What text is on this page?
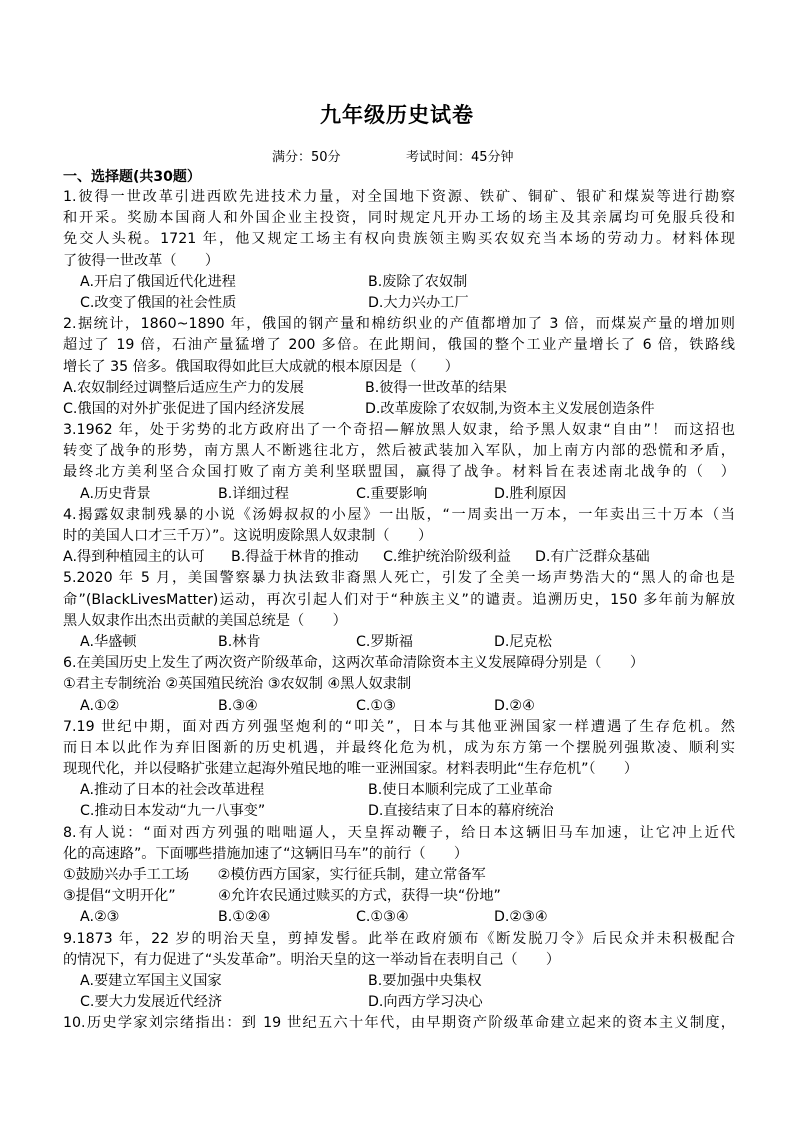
九年级历史试卷
满分：50分	考试时间：45分钟
一、选择题(共30题）
1.彼得一世改革引进西欧先进技术力量，对全国地下资源、铁矿、铜矿、银矿和煤炭等进行勘察
和开采。奖励本国商人和外国企业主投资，同时规定凡开办工场的场主及其亲属均可免服兵役和
免交人头税。1721 年，他又规定工场主有权向贵族领主购买农奴充当本场的劳动力。材料体现
了彼得一世改革（　　）
A.开启了俄国近代化进程	B.废除了农奴制
C.改变了俄国的社会性质	D.大力兴办工厂
2.据统计，1860~1890 年，俄国的钢产量和棉纺织业的产值都增加了 3 倍，而煤炭产量的增加则
超过了 19 倍，石油产量猛增了 200 多倍。在此期间，俄国的整个工业产量增长了 6 倍，铁路线
增长了 35 倍多。俄国取得如此巨大成就的根本原因是（　　）
A.农奴制经过调整后适应生产力的发展	B.彼得一世改革的结果
C.俄国的对外扩张促进了国内经济发展	D.改革废除了农奴制,为资本主义发展创造条件
3.1962 年，处于劣势的北方政府出了一个奇招—解放黑人奴隶，给予黑人奴隶“自由”！ 而这招也
转变了战争的形势，南方黑人不断逃往北方，然后被武装加入军队，加上南方内部的恐慌和矛盾，
最终北方美利坚合众国打败了南方美利坚联盟国，赢得了战争。材料旨在表述南北战争的（　）
A.历史背景	B.详细过程	C.重要影响	D.胜利原因
4.揭露奴隶制残暴的小说《汤姆叔叔的小屋》一出版，“一周卖出一万本，一年卖出三十万本（当
时的美国人口才三千万）”。这说明废除黑人奴隶制（　　）
A.得到种植园主的认可 B.得益于林肯的推动 C.维护统治阶级利益 D.有广泛群众基础
5.2020 年 5 月，美国警察暴力执法致非裔黑人死亡，引发了全美一场声势浩大的“黑人的命也是
命”(BlackLivesMatter)运动，再次引起人们对于“种族主义”的谴责。追溯历史，150 多年前为解放
黑人奴隶作出杰出贡献的美国总统是（　　）
A.华盛顿	B.林肯	C.罗斯福	D.尼克松
6.在美国历史上发生了两次资产阶级革命，这两次革命清除资本主义发展障碍分别是（　　）
①君主专制统治 ②英国殖民统治 ③农奴制 ④黑人奴隶制
A.①②	B.③④	C.①③	D.②④
7.19 世纪中期，面对西方列强坚炮利的“叩关”，日本与其他亚洲国家一样遭遇了生存危机。然
而日本以此作为弃旧图新的历史机遇，并最终化危为机，成为东方第一个摆脱列强欺凌、顺利实
现现代化，并以侵略扩张建立起海外殖民地的唯一亚洲国家。材料表明此“生存危机”（　　）
A.推动了日本的社会改革进程	B.使日本顺利完成了工业革命
C.推动日本发动“九一八事变”	D.直接结束了日本的幕府统治
8.有人说：“面对西方列强的咄咄逼人，天皇挥动鞭子，给日本这辆旧马车加速，让它冲上近代
化的高速路”。下面哪些措施加速了“这辆旧马车”的前行（　　）
①鼓励兴办手工工场　　②模仿西方国家，实行征兵制，建立常备军
③提倡“文明开化”　　　④允许农民通过赎买的方式，获得一块“份地”
A.②③	B.①②④	C.①③④	D.②③④
9.1873 年，22 岁的明治天皇，剪掉发髻。此举在政府颁布《断发脱刀令》后民众并未积极配合
的情况下，有力促进了“头发革命”。明治天皇的这一举动旨在表明自己（　　）
A.要建立军国主义国家	B.要加强中央集权
C.要大力发展近代经济	D.向西方学习决心
10.历史学家刘宗绪指出：到 19 世纪五六十年代，由早期资产阶级革命建立起来的资本主义制度，
